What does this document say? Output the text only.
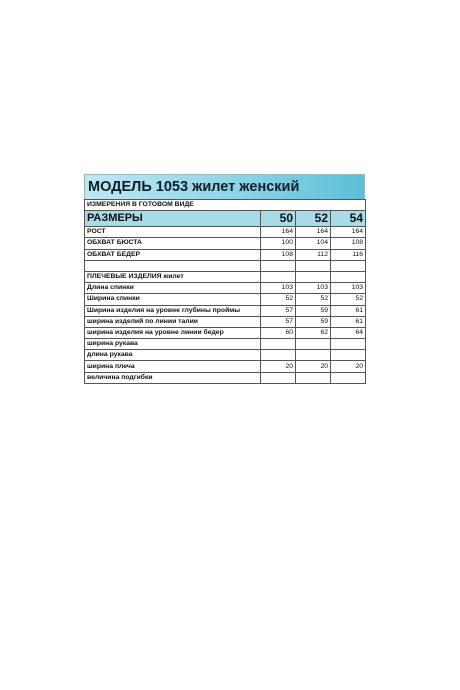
МОДЕЛЬ 1053 жилет женский
ИЗМЕРЕНИЯ В ГОТОВОМ ВИДЕ			
РАЗМЕРЫ	50	52	54
РОСТ	164	164	164
ОБХВАТ БЮСТА	100	104	108
ОБХВАТ БЕДЕР	108	112	116

ПЛЕЧЕВЫЕ ИЗДЕЛИЯ жилет			
Длина спинки	103	103	103
Ширина спинки	52	52	52
Ширина изделия на уровне глубины проймы	57	59	61
ширина изделий по линии талии	57	59	61
ширина изделия на уровне линии бедер	60	62	64
ширина рукава			
длина рукава			
ширина плеча	20	20	20
величина подгибки			
